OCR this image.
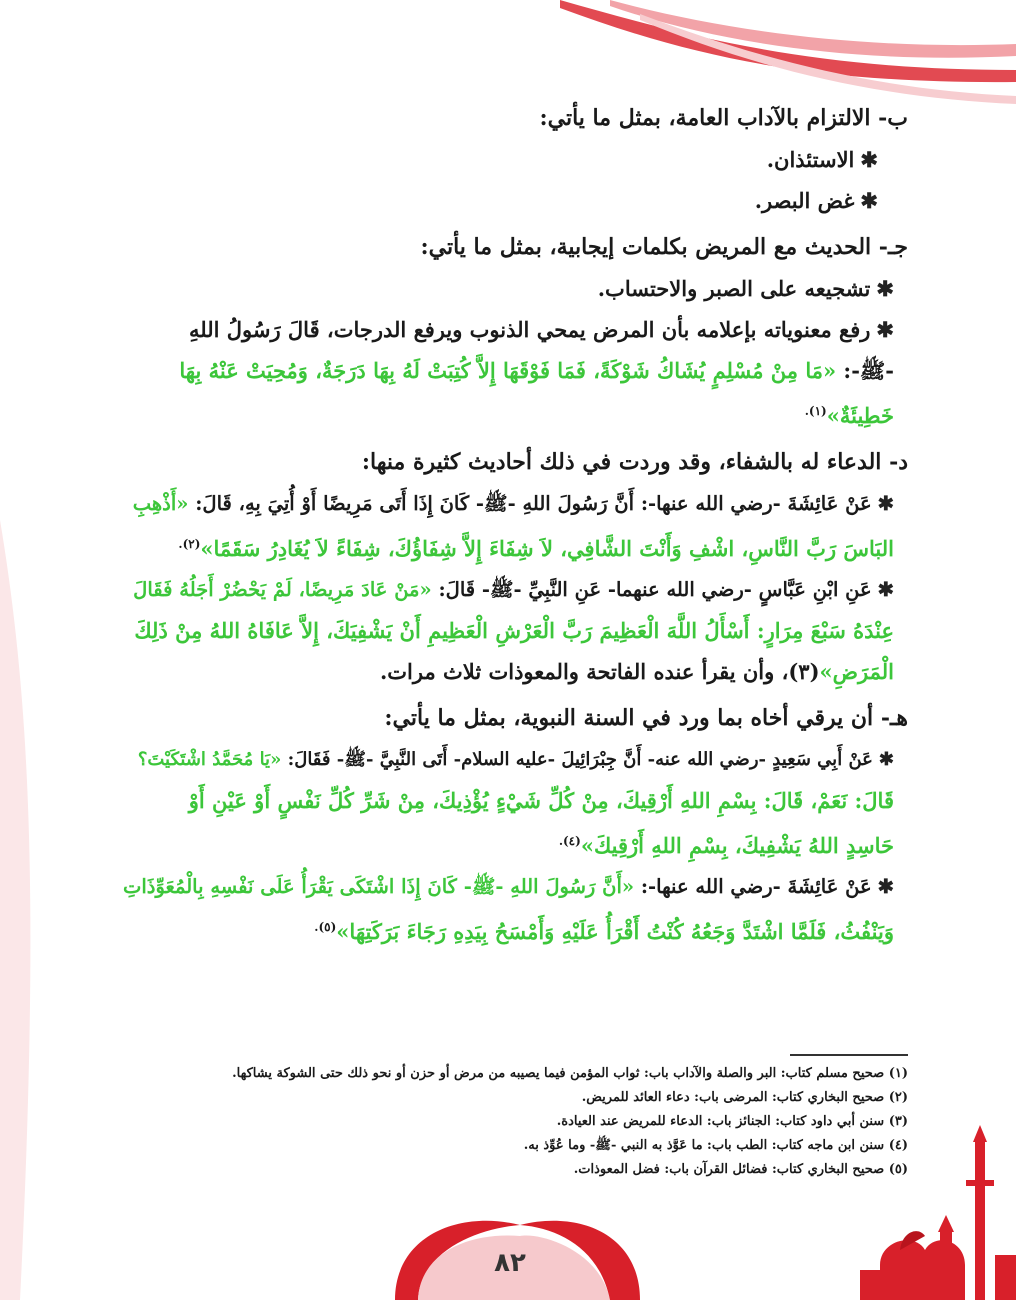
ب- الالتزام بالآداب العامة، بمثل ما يأتي:
✱الاستئذان.
✱غض البصر.
جـ- الحديث مع المريض بكلمات إيجابية، بمثل ما يأتي:
✱تشجيعه على الصبر والاحتساب.
✱رفع معنوياته بإعلامه بأن المرض يمحي الذنوب ويرفع الدرجات، قَالَ رَسُولُ اللهِ
-ﷺ-: «مَا مِنْ مُسْلِمٍ يُشَاكُ شَوْكَةً، فَمَا فَوْقَهَا إِلاَّ كُتِبَتْ لَهُ بِهَا دَرَجَةٌ، وَمُحِيَتْ عَنْهُ بِهَا
خَطِيئَةٌ»$^{(١).}$
د- الدعاء له بالشفاء، وقد وردت في ذلك أحاديث كثيرة منها:
✱عَنْ عَائِشَةَ -رضي الله عنها-: أَنَّ رَسُولَ اللهِ -ﷺ- كَانَ إِذَا أَتَى مَرِيضًا أَوْ أُتِيَ بِهِ، قَالَ: «أَذْهِبِ
البَاسَ رَبَّ النَّاسِ، اشْفِ وَأَنْتَ الشَّافِي، لاَ شِفَاءَ إِلاَّ شِفَاؤُكَ، شِفَاءً لاَ يُغَادِرُ سَقَمًا»$^{(٢).}$
✱عَنِ ابْنِ عَبَّاسٍ -رضي الله عنهما- عَنِ النَّبِيِّ -ﷺ- قَالَ: «مَنْ عَادَ مَرِيضًا، لَمْ يَحْضُرْ أَجَلُهُ فَقَالَ
عِنْدَهُ سَبْعَ مِرَارٍ: أَسْأَلُ اللَّهَ الْعَظِيمَ رَبَّ الْعَرْشِ الْعَظِيمِ أَنْ يَشْفِيَكَ، إِلاَّ عَافَاهُ اللهُ مِنْ ذَلِكَ
الْمَرَضِ»(٣)، وأن يقرأ عنده الفاتحة والمعوذات ثلاث مرات.
هـ- أن يرقي أخاه بما ورد في السنة النبوية، بمثل ما يأتي:
✱عَنْ أَبِي سَعِيدٍ -رضي الله عنه- أَنَّ جِبْرَائِيلَ -عليه السلام- أَتَى النَّبِيَّ -ﷺ- فَقَالَ: «يَا مُحَمَّدُ اشْتَكَيْتَ؟
قَالَ: نَعَمْ، قَالَ: بِسْمِ اللهِ أَرْقِيكَ، مِنْ كُلِّ شَيْءٍ يُؤْذِيكَ، مِنْ شَرِّ كُلِّ نَفْسٍ أَوْ عَيْنِ أَوْ
حَاسِدٍ اللهُ يَشْفِيكَ، بِسْمِ اللهِ أَرْقِيكَ»$^{(٤).}$
✱عَنْ عَائِشَةَ -رضي الله عنها-: «أَنَّ رَسُولَ اللهِ -ﷺ- كَانَ إِذَا اشْتَكَى يَقْرَأُ عَلَى نَفْسِهِ بِالْمُعَوِّذَاتِ
وَيَنْفُثُ، فَلَمَّا اشْتَدَّ وَجَعُهُ كُنْتُ أَقْرَأُ عَلَيْهِ وَأَمْسَحُ بِيَدِهِ رَجَاءَ بَرَكَتِهَا»$^{(٥).}$
(١) صحيح مسلم كتاب: البر والصلة والآداب باب: ثواب المؤمن فيما يصيبه من مرض أو حزن أو نحو ذلك حتى الشوكة يشاكها.
(٢) صحيح البخاري كتاب: المرضى باب: دعاء العائد للمريض.
(٣) سنن أبي داود كتاب: الجنائز باب: الدعاء للمريض عند العيادة.
(٤) سنن ابن ماجه كتاب: الطب باب: ما عَوَّذ به النبي -ﷺ- وما عُوِّذ به.
(٥) صحيح البخاري كتاب: فضائل القرآن باب: فضل المعوذات.
٨٢
